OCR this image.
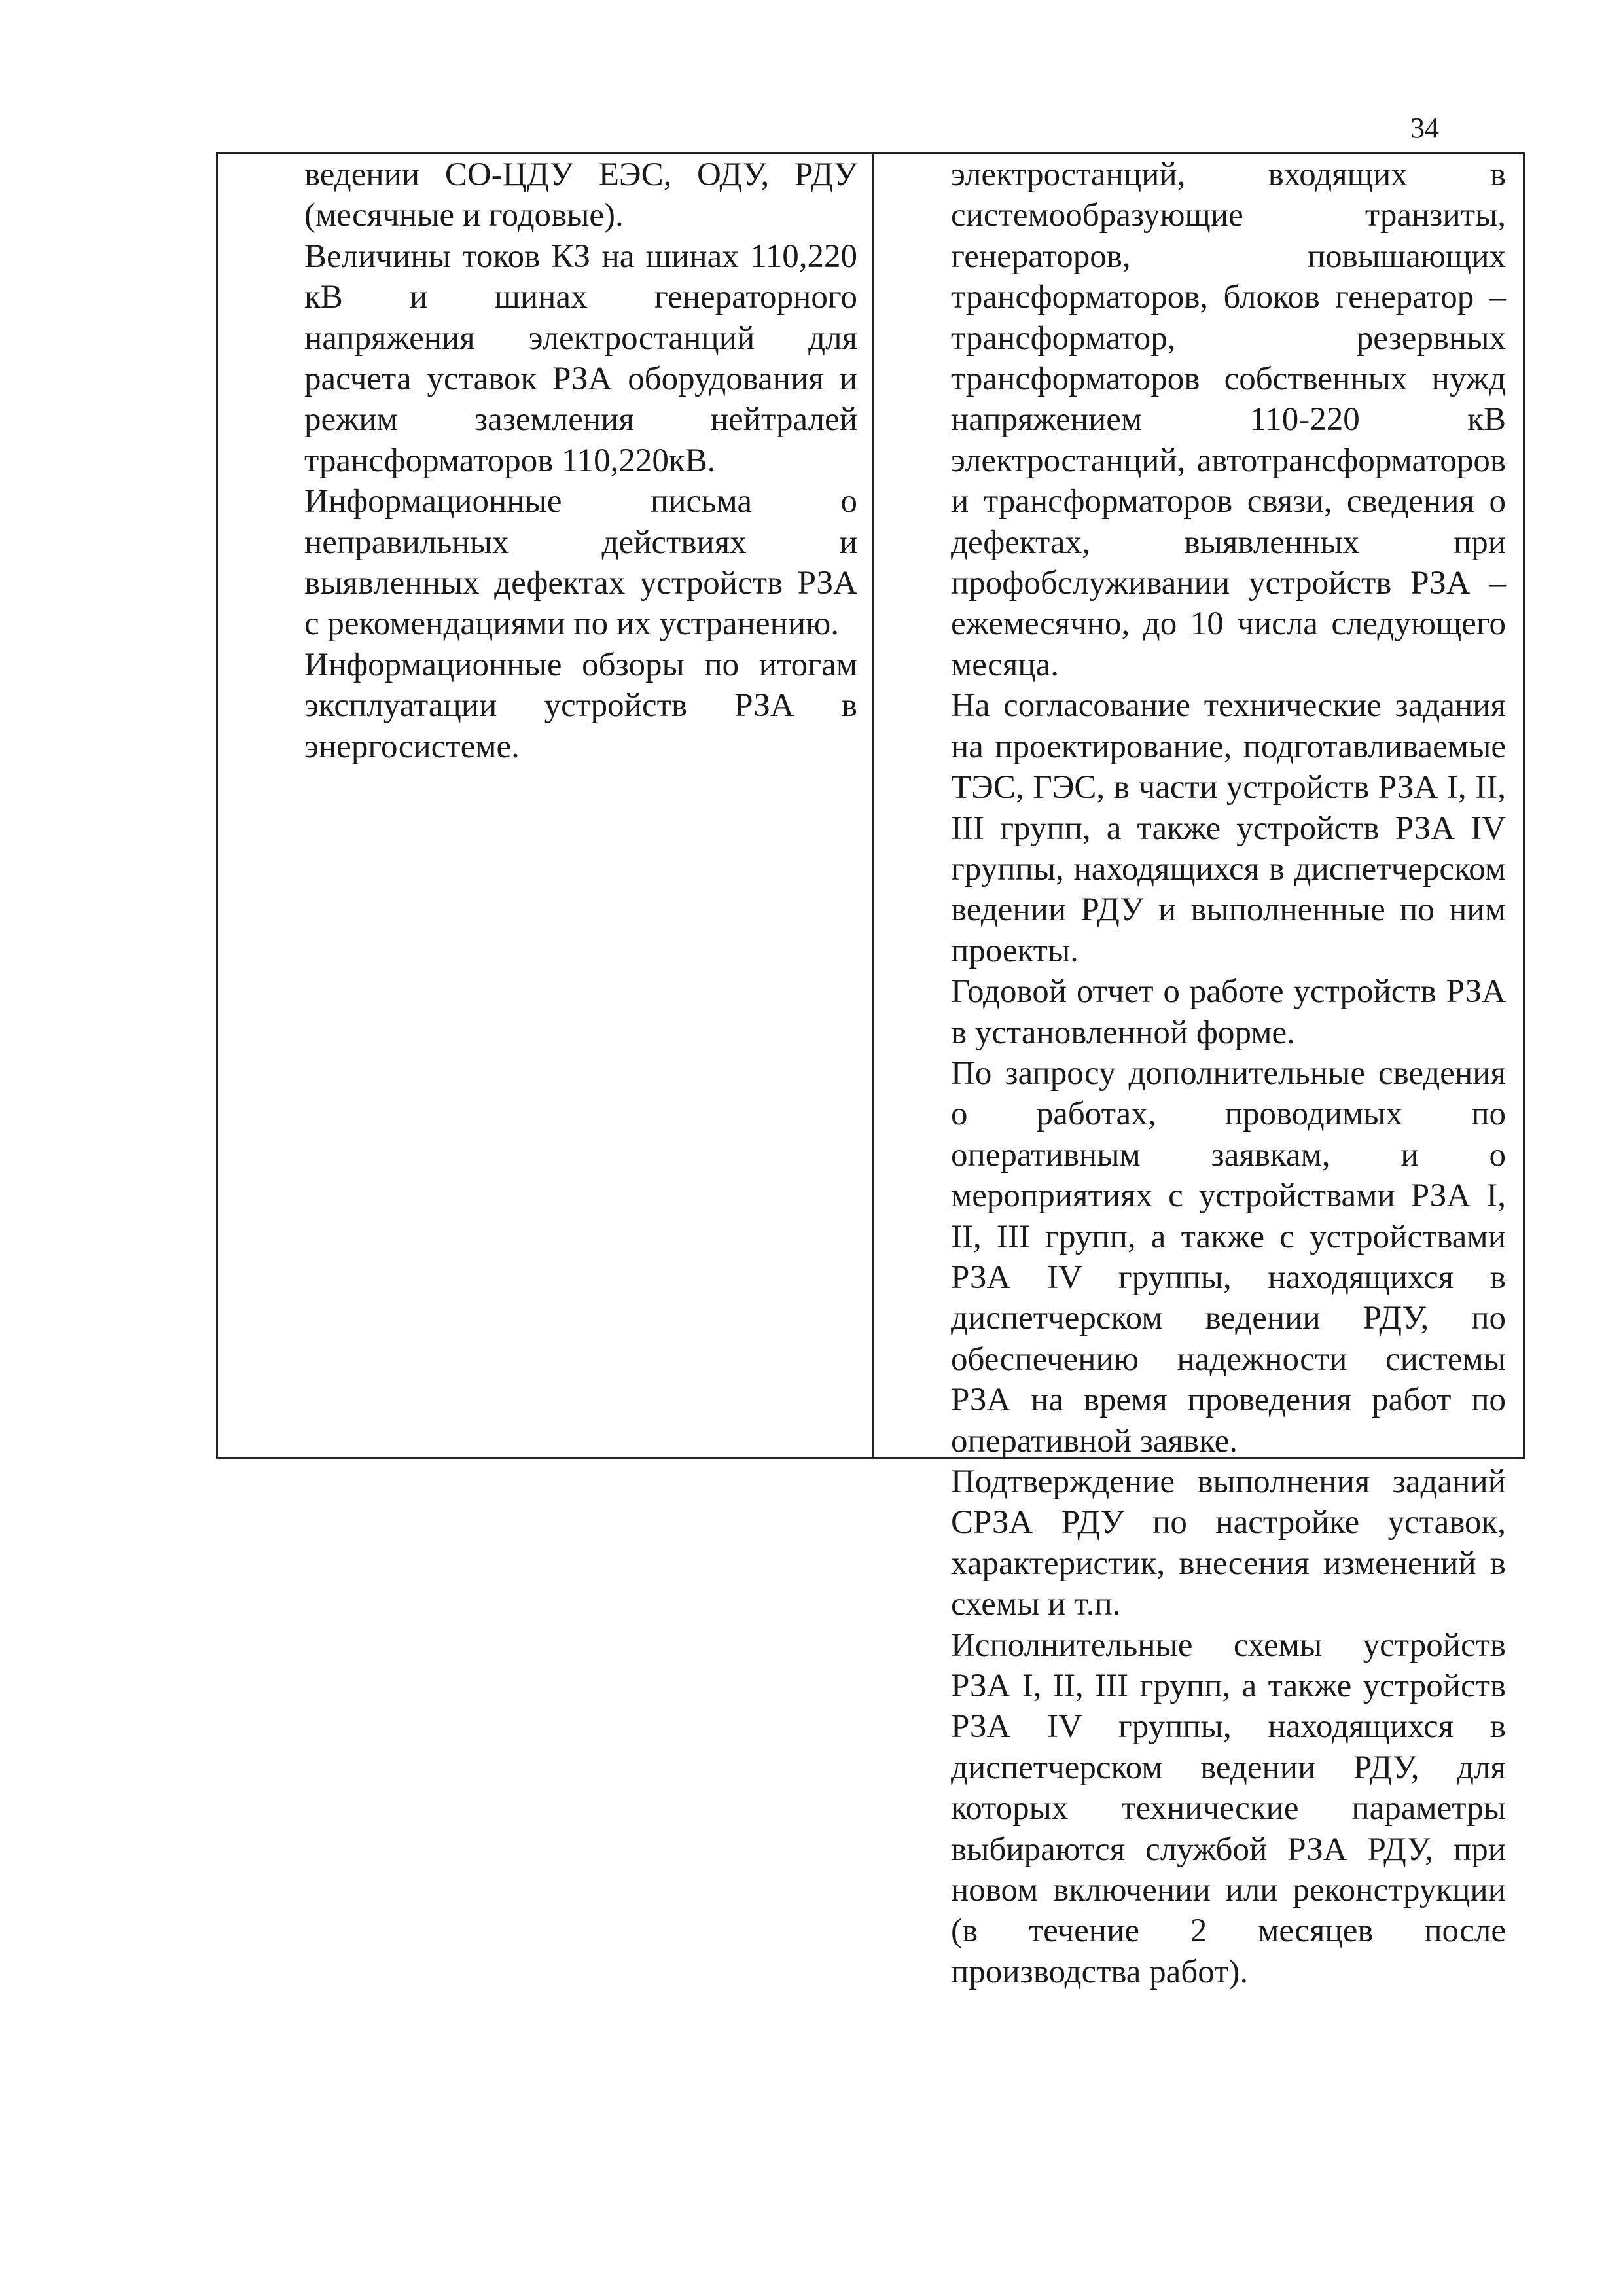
34

ведении СО-ЦДУ ЕЭС, ОДУ, РДУ (месячные и годовые).

Величины токов КЗ на шинах 110,220 кВ и шинах генераторного напряжения электростанций для расчета уставок РЗА оборудования и режим заземления нейтралей трансформаторов 110,220кВ.

Информационные письма о неправильных действиях и выявленных дефектах устройств РЗА с рекомендациями по их устранению.

Информационные обзоры по итогам эксплуатации устройств РЗА в энергосистеме.

электростанций, входящих в системообразующие транзиты, генераторов, повышающих трансформаторов, блоков генератор – трансформатор, резервных трансформаторов собственных нужд напряжением 110-220 кВ электростанций, автотрансформаторов и трансформаторов связи, сведения о дефектах, выявленных при профобслуживании устройств РЗА – ежемесячно, до 10 числа следующего месяца.

На согласование технические задания на проектирование, подготавливаемые ТЭС, ГЭС, в части устройств РЗА I, II, III групп, а также устройств РЗА IV группы, находящихся в диспетчерском ведении РДУ и выполненные по ним проекты.

Годовой отчет о работе устройств РЗА в установленной форме.

По запросу дополнительные сведения о работах, проводимых по оперативным заявкам, и о мероприятиях с устройствами РЗА I, II, III групп, а также с устройствами РЗА IV группы, находящихся в диспетчерском ведении РДУ, по обеспечению надежности системы РЗА на время проведения работ по оперативной заявке.

Подтверждение выполнения заданий СРЗА РДУ по настройке уставок, характеристик, внесения изменений в схемы и т.п.

Исполнительные схемы устройств РЗА I, II, III групп, а также устройств РЗА IV группы, находящихся в диспетчерском ведении РДУ, для которых технические параметры выбираются службой РЗА РДУ, при новом включении или реконструкции (в течение 2 месяцев после производства работ).
